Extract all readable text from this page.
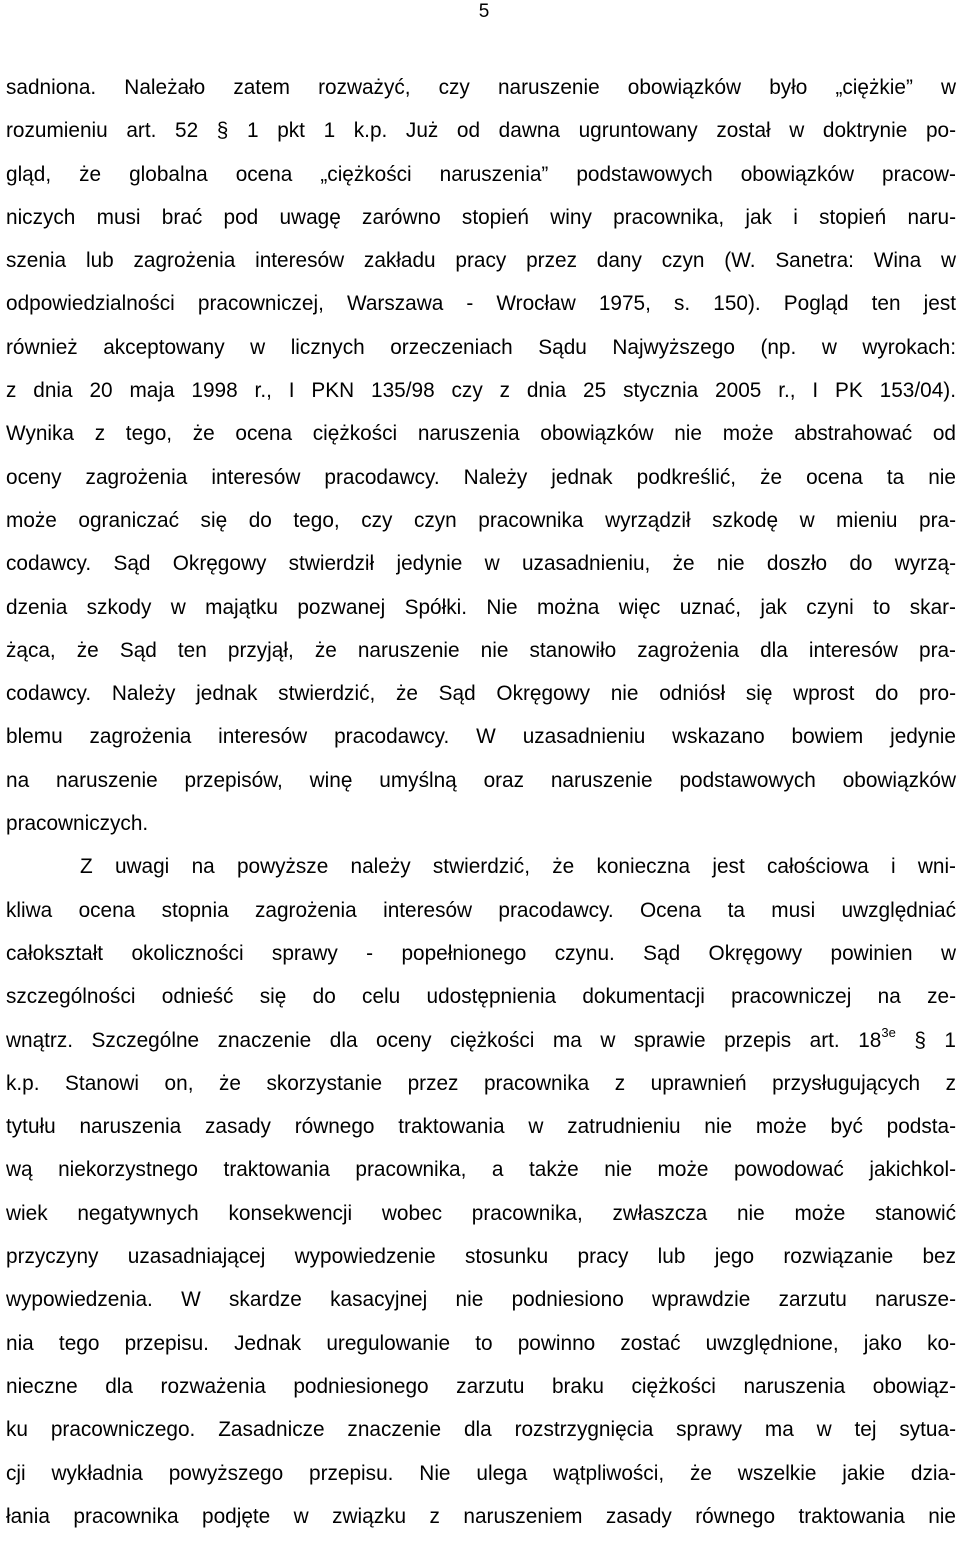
5
sadniona. Należało zatem rozważyć, czy naruszenie obowiązków było „ciężkie” w
rozumieniu art. 52 § 1 pkt 1 k.p. Już od dawna ugruntowany został w doktrynie po-
gląd, że globalna ocena „ciężkości naruszenia” podstawowych obowiązków pracow-
niczych musi brać pod uwagę zarówno stopień winy pracownika, jak i stopień naru-
szenia lub zagrożenia interesów zakładu pracy przez dany czyn (W. Sanetra: Wina w
odpowiedzialności pracowniczej, Warszawa - Wrocław 1975, s. 150). Pogląd ten jest
również akceptowany w licznych orzeczeniach Sądu Najwyższego (np. w wyrokach:
z dnia 20 maja 1998 r., I PKN 135/98 czy z dnia 25 stycznia 2005 r., I PK 153/04).
Wynika z tego, że ocena ciężkości naruszenia obowiązków nie może abstrahować od
oceny zagrożenia interesów pracodawcy. Należy jednak podkreślić, że ocena ta nie
może ograniczać się do tego, czy czyn pracownika wyrządził szkodę w mieniu pra-
codawcy. Sąd Okręgowy stwierdził jedynie w uzasadnieniu, że nie doszło do wyrzą-
dzenia szkody w majątku pozwanej Spółki. Nie można więc uznać, jak czyni to skar-
żąca, że Sąd ten przyjął, że naruszenie nie stanowiło zagrożenia dla interesów pra-
codawcy. Należy jednak stwierdzić, że Sąd Okręgowy nie odniósł się wprost do pro-
blemu zagrożenia interesów pracodawcy. W uzasadnieniu wskazano bowiem jedynie
na naruszenie przepisów, winę umyślną oraz naruszenie podstawowych obowiązków
pracowniczych.
Z uwagi na powyższe należy stwierdzić, że konieczna jest całościowa i wni-
kliwa ocena stopnia zagrożenia interesów pracodawcy. Ocena ta musi uwzględniać
całokształt okoliczności sprawy - popełnionego czynu. Sąd Okręgowy powinien w
szczególności odnieść się do celu udostępnienia dokumentacji pracowniczej na ze-
wnątrz. Szczególne znaczenie dla oceny ciężkości ma w sprawie przepis art. $18^{3e}$ § 1
k.p. Stanowi on, że skorzystanie przez pracownika z uprawnień przysługujących z
tytułu naruszenia zasady równego traktowania w zatrudnieniu nie może być podsta-
wą niekorzystnego traktowania pracownika, a także nie może powodować jakichkol-
wiek negatywnych konsekwencji wobec pracownika, zwłaszcza nie może stanowić
przyczyny uzasadniającej wypowiedzenie stosunku pracy lub jego rozwiązanie bez
wypowiedzenia. W skardze kasacyjnej nie podniesiono wprawdzie zarzutu narusze-
nia tego przepisu. Jednak uregulowanie to powinno zostać uwzględnione, jako ko-
nieczne dla rozważenia podniesionego zarzutu braku ciężkości naruszenia obowiąz-
ku pracowniczego. Zasadnicze znaczenie dla rozstrzygnięcia sprawy ma w tej sytua-
cji wykładnia powyższego przepisu. Nie ulega wątpliwości, że wszelkie jakie dzia-
łania pracownika podjęte w związku z naruszeniem zasady równego traktowania nie
